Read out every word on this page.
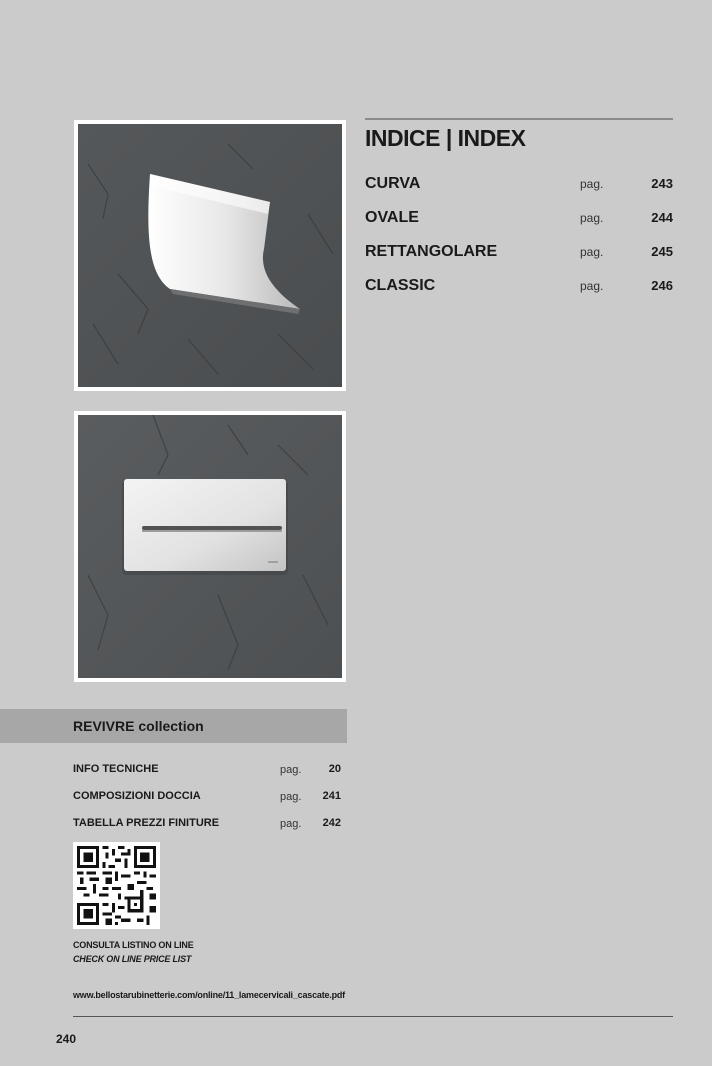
INDICE | INDEX
CURVA	pag.	243
OVALE	pag.	244
RETTANGOLARE	pag.	245
CLASSIC	pag.	246
REVIVRE collection
INFO TECNICHE	pag. 20
COMPOSIZIONI DOCCIA	pag. 241
TABELLA PREZZI FINITURE	pag. 242
CONSULTA LISTINO ON LINE
CHECK ON LINE PRICE LIST
www.bellostarubinetterie.com/online/11_lamecervicali_cascate.pdf
240
